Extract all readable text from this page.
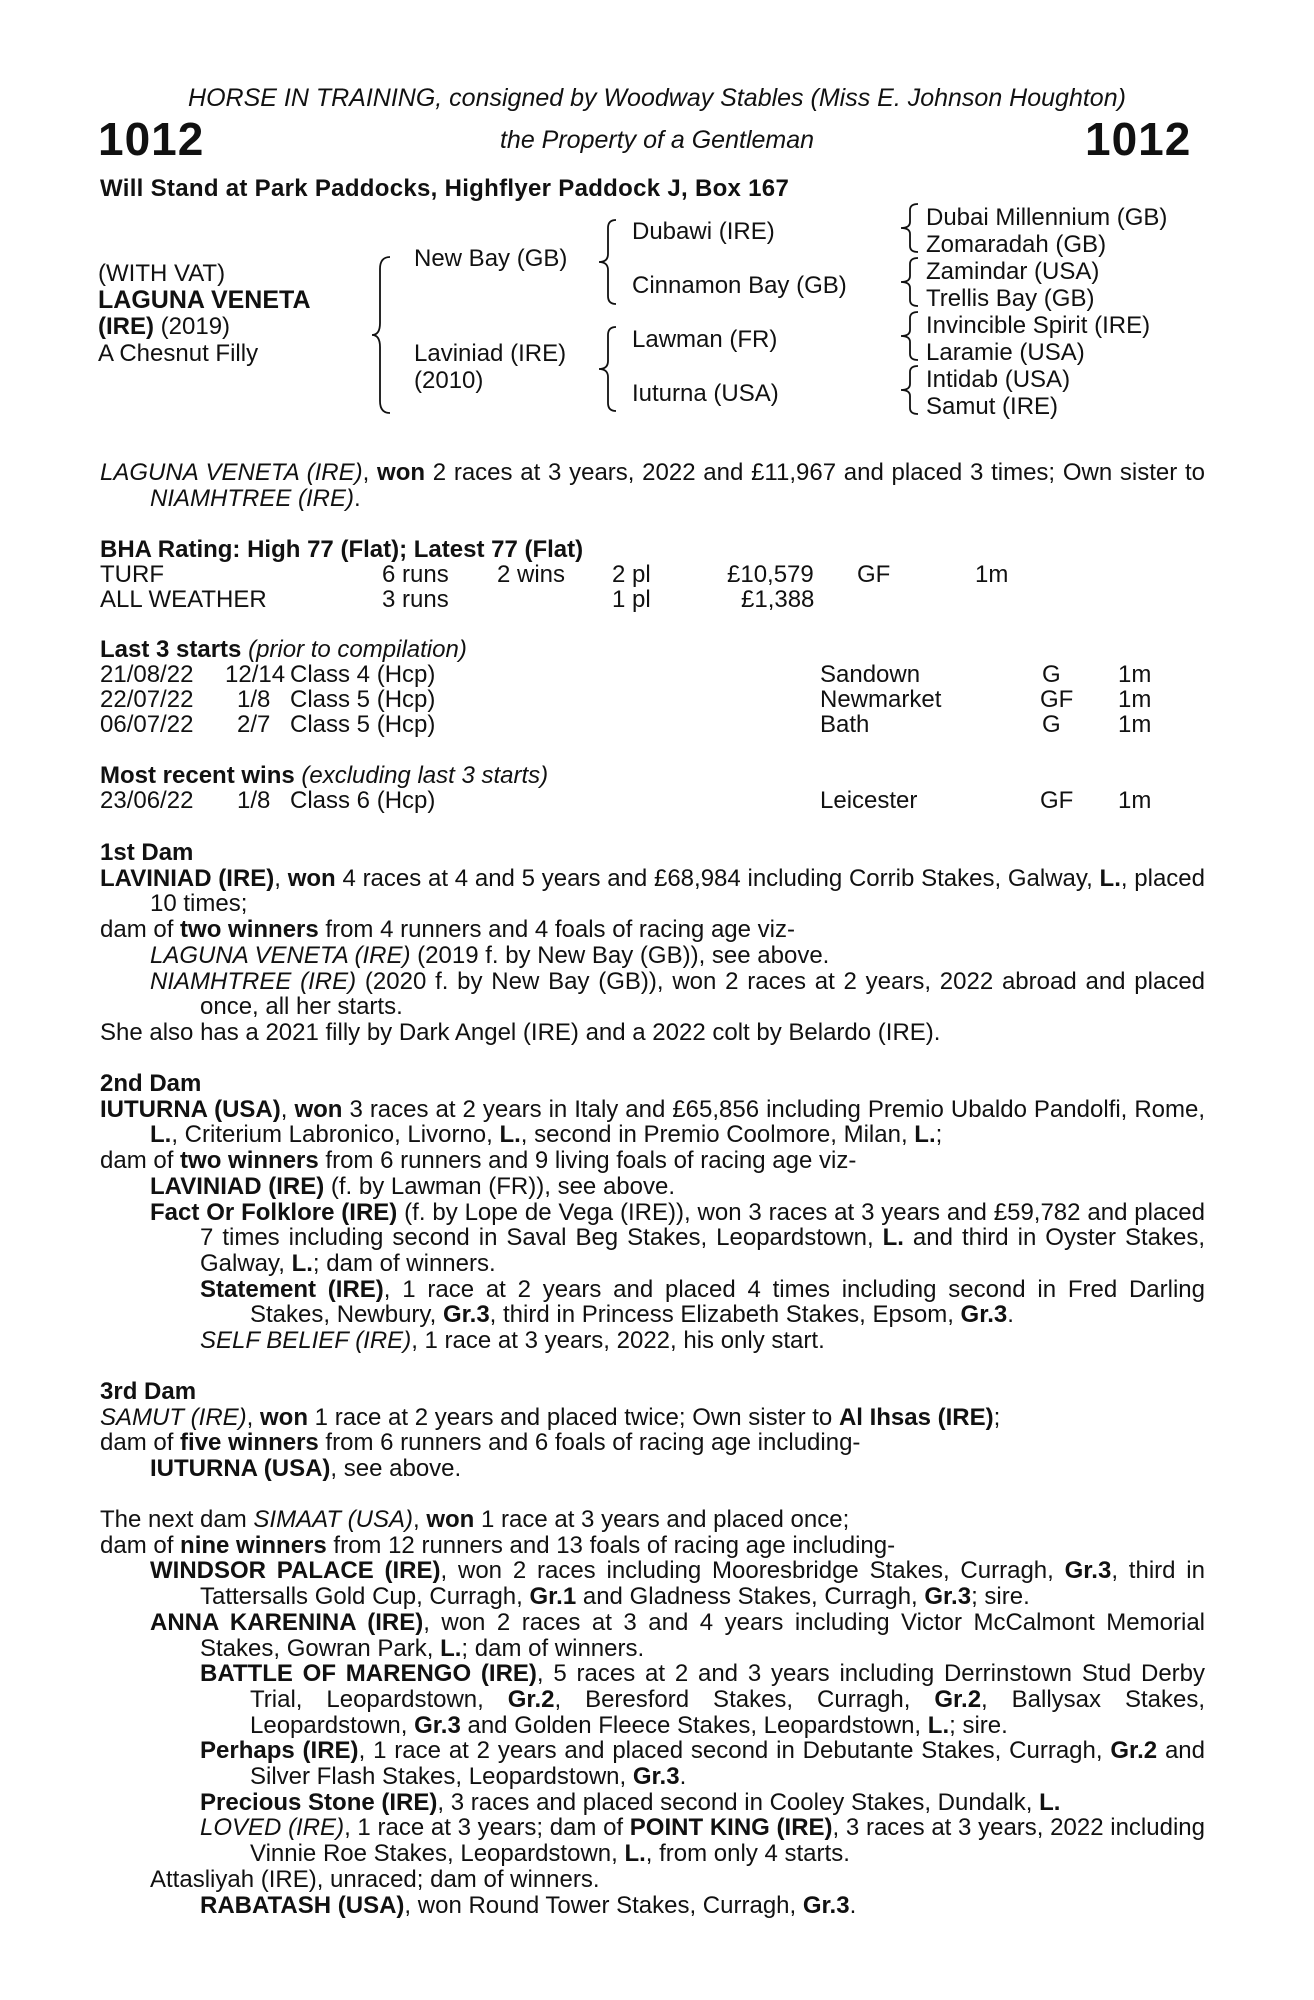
HORSE IN TRAINING, consigned by Woodway Stables (Miss E. Johnson Houghton)
1012	the Property of a Gentleman	1012
Will Stand at Park Paddocks, Highflyer Paddock J, Box 167
(WITH VAT)
LAGUNA VENETA
(IRE) (2019)
A Chesnut Filly
New Bay (GB)
Laviniad (IRE)
(2010)
Dubawi (IRE)
Cinnamon Bay (GB)
Lawman (FR)
Iuturna (USA)
Dubai Millennium (GB)
Zomaradah (GB)
Zamindar (USA)
Trellis Bay (GB)
Invincible Spirit (IRE)
Laramie (USA)
Intidab (USA)
Samut (IRE)

LAGUNA VENETA (IRE), won 2 races at 3 years, 2022 and £11,967 and placed 3 times; Own sister to NIAMHTREE (IRE).

BHA Rating: High 77 (Flat); Latest 77 (Flat)
TURF	6 runs 2 wins 2 pl	£10,579 GF	1m
ALL WEATHER	3 runs	1 pl	£1,388
Last 3 starts (prior to compilation)
21/08/22 12/14 Class 4 (Hcp)	Sandown	G 1m
22/07/22 1/8 Class 5 (Hcp)	Newmarket	GF 1m
06/07/22 2/7 Class 5 (Hcp)	Bath	G 1m
Most recent wins (excluding last 3 starts)
23/06/22 1/8 Class 6 (Hcp)	Leicester	GF 1m

1st Dam

LAVINIAD (IRE), won 4 races at 4 and 5 years and £68,984 including Corrib Stakes, Galway, L., placed 10 times;

dam of two winners from 4 runners and 4 foals of racing age viz-

LAGUNA VENETA (IRE) (2019 f. by New Bay (GB)), see above.

NIAMHTREE (IRE) (2020 f. by New Bay (GB)), won 2 races at 2 years, 2022 abroad and placed once, all her starts.

She also has a 2021 filly by Dark Angel (IRE) and a 2022 colt by Belardo (IRE).

2nd Dam

IUTURNA (USA), won 3 races at 2 years in Italy and £65,856 including Premio Ubaldo Pandolfi, Rome, L., Criterium Labronico, Livorno, L., second in Premio Coolmore, Milan, L.;

dam of two winners from 6 runners and 9 living foals of racing age viz-

LAVINIAD (IRE) (f. by Lawman (FR)), see above.

Fact Or Folklore (IRE) (f. by Lope de Vega (IRE)), won 3 races at 3 years and £59,782 and placed 7 times including second in Saval Beg Stakes, Leopardstown, L. and third in Oyster Stakes, Galway, L.; dam of winners.

Statement (IRE), 1 race at 2 years and placed 4 times including second in Fred Darling Stakes, Newbury, Gr.3, third in Princess Elizabeth Stakes, Epsom, Gr.3.

SELF BELIEF (IRE), 1 race at 3 years, 2022, his only start.

3rd Dam

SAMUT (IRE), won 1 race at 2 years and placed twice; Own sister to Al Ihsas (IRE);

dam of five winners from 6 runners and 6 foals of racing age including-

IUTURNA (USA), see above.

The next dam SIMAAT (USA), won 1 race at 3 years and placed once;

dam of nine winners from 12 runners and 13 foals of racing age including-

WINDSOR PALACE (IRE), won 2 races including Mooresbridge Stakes, Curragh, Gr.3, third in Tattersalls Gold Cup, Curragh, Gr.1 and Gladness Stakes, Curragh, Gr.3; sire.

ANNA KARENINA (IRE), won 2 races at 3 and 4 years including Victor McCalmont Memorial Stakes, Gowran Park, L.; dam of winners.

BATTLE OF MARENGO (IRE), 5 races at 2 and 3 years including Derrinstown Stud Derby Trial, Leopardstown, Gr.2, Beresford Stakes, Curragh, Gr.2, Ballysax Stakes, Leopardstown, Gr.3 and Golden Fleece Stakes, Leopardstown, L.; sire.

Perhaps (IRE), 1 race at 2 years and placed second in Debutante Stakes, Curragh, Gr.2 and Silver Flash Stakes, Leopardstown, Gr.3.

Precious Stone (IRE), 3 races and placed second in Cooley Stakes, Dundalk, L.

LOVED (IRE), 1 race at 3 years; dam of POINT KING (IRE), 3 races at 3 years, 2022 including Vinnie Roe Stakes, Leopardstown, L., from only 4 starts.

Attasliyah (IRE), unraced; dam of winners.

RABATASH (USA), won Round Tower Stakes, Curragh, Gr.3.
